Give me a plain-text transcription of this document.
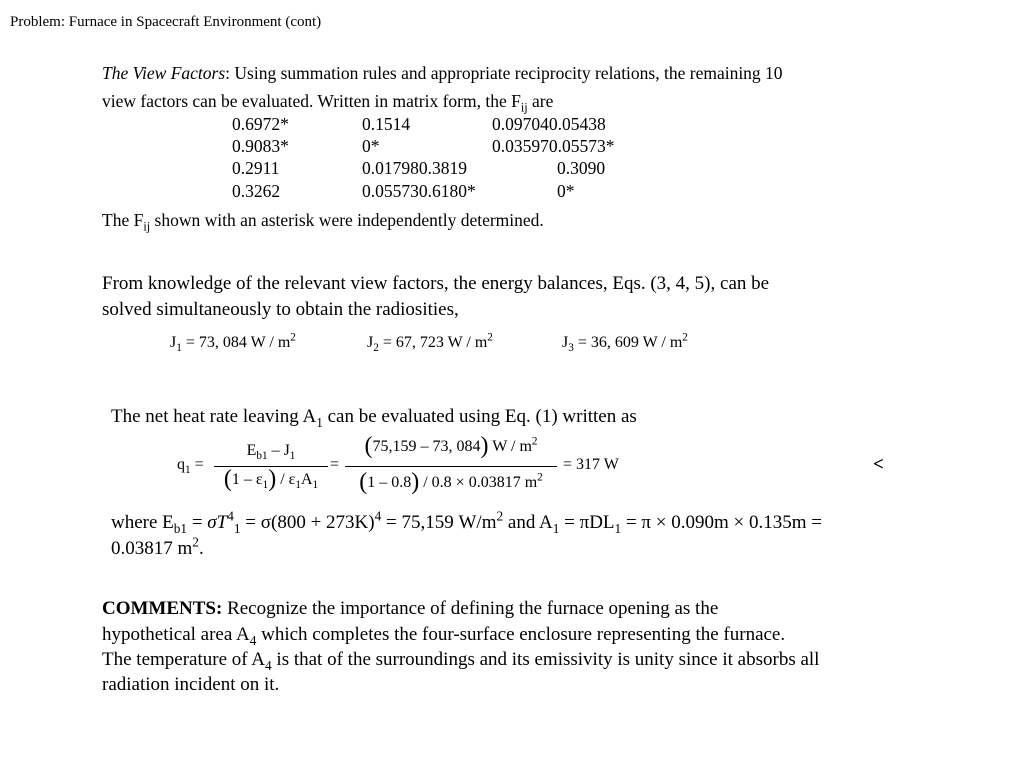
Problem: Furnace in Spacecraft Environment (cont)
The View Factors: Using summation rules and appropriate reciprocity relations, the remaining 10
view factors can be evaluated. Written in matrix form, the $F_{ij}$ are
0.6972*	0.1514	0.097040.05438
0.9083*	0*	0.035970.05573*
0.2911	0.017980.3819	0.3090
0.3262	0.055730.6180*	0*
The $F_{ij}$ shown with an asterisk were independently determined.
From knowledge of the relevant view factors, the energy balances, Eqs. (3, 4, 5), can be
solved simultaneously to obtain the radiosities,
$J_1 = 73$, 084 W / $m^2$	$J_2 = 67$, 723 W / $m^2$	$J_3 = 36$, 609 W / $m^2$
The net heat rate leaving $A_1$ can be evaluated using Eq. (1) written as
$q_1$ =
$E_{b1} - J_1$
$(1 - \varepsilon_1) / \varepsilon_1A_1$
=
(75,159 – 73, 084) W / $m^2$
(1 – 0.8) / 0.8 × 0.03817 $m^2$
= 317 W	<
where $E_{b1} = \sigma T^4_1 = \sigma(800 + 273K)^4 = 75,159$ $W/m^2$ and $A_1 = \pi DL_1 = \pi \times 0.090m \times 0.135m$ =
0.03817 $m^2$.
COMMENTS: Recognize the importance of defining the furnace opening as the
hypothetical area $A_4$ which completes the four-surface enclosure representing the furnace.
The temperature of $A_4$ is that of the surroundings and its emissivity is unity since it absorbs all
radiation incident on it.
